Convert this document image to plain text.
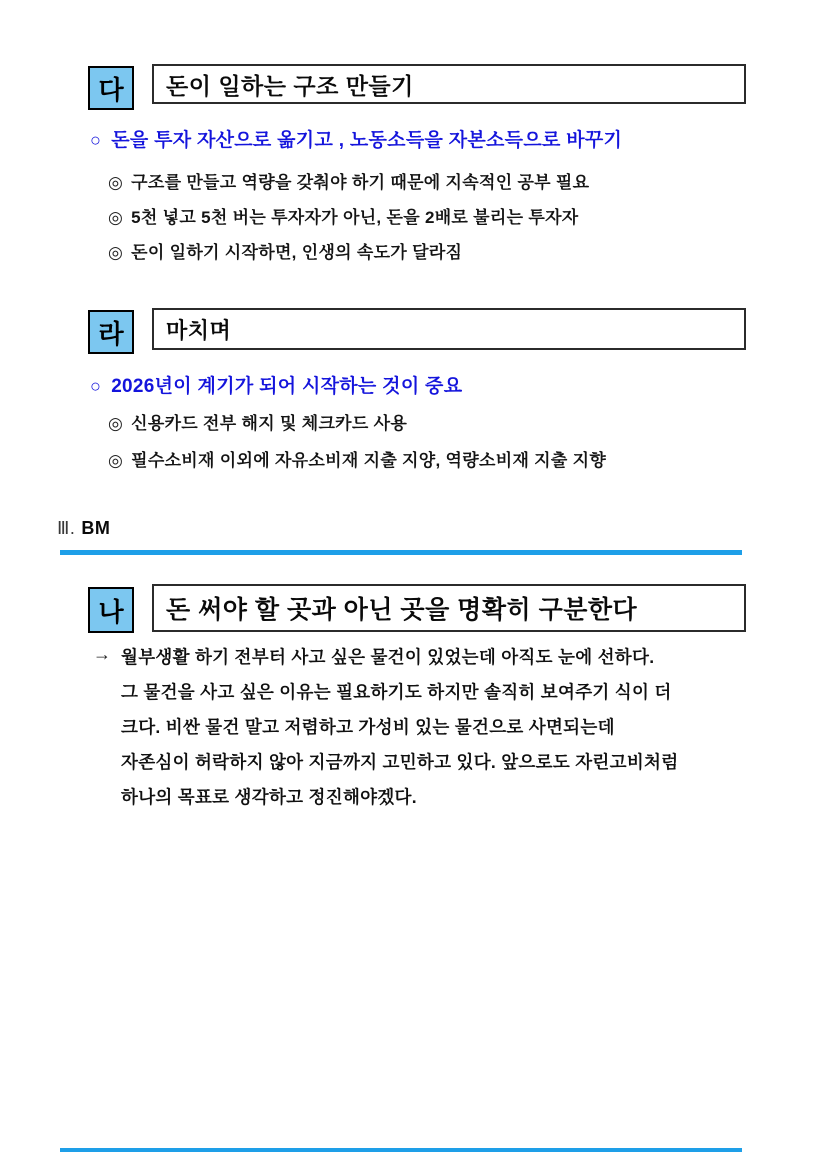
다	돈이 일하는 구조 만들기
○ 돈을 투자 자산으로 옮기고 , 노동소득을 자본소득으로 바꾸기
◎ 구조를 만들고 역량을 갖춰야 하기 때문에 지속적인 공부 필요
◎ 5천 넣고 5천 버는 투자자가 아닌, 돈을 2배로 불리는 투자자
◎ 돈이 일하기 시작하면, 인생의 속도가 달라짐
라	마치며
○ 2026년이 계기가 되어 시작하는 것이 중요
◎ 신용카드 전부 해지 및 체크카드 사용
◎ 필수소비재 이외에 자유소비재 지출 지양, 역량소비재 지출 지향
Ⅲ. BM
나	돈 써야 할 곳과 아닌 곳을 명확히 구분한다
→ 월부생활 하기 전부터 사고 싶은 물건이 있었는데 아직도 눈에 선하다.
그 물건을 사고 싶은 이유는 필요하기도 하지만 솔직히 보여주기 식이 더
크다. 비싼 물건 말고 저렴하고 가성비 있는 물건으로 사면되는데
자존심이 허락하지 않아 지금까지 고민하고 있다. 앞으로도 자린고비처럼
하나의 목표로 생각하고 정진해야겠다.
